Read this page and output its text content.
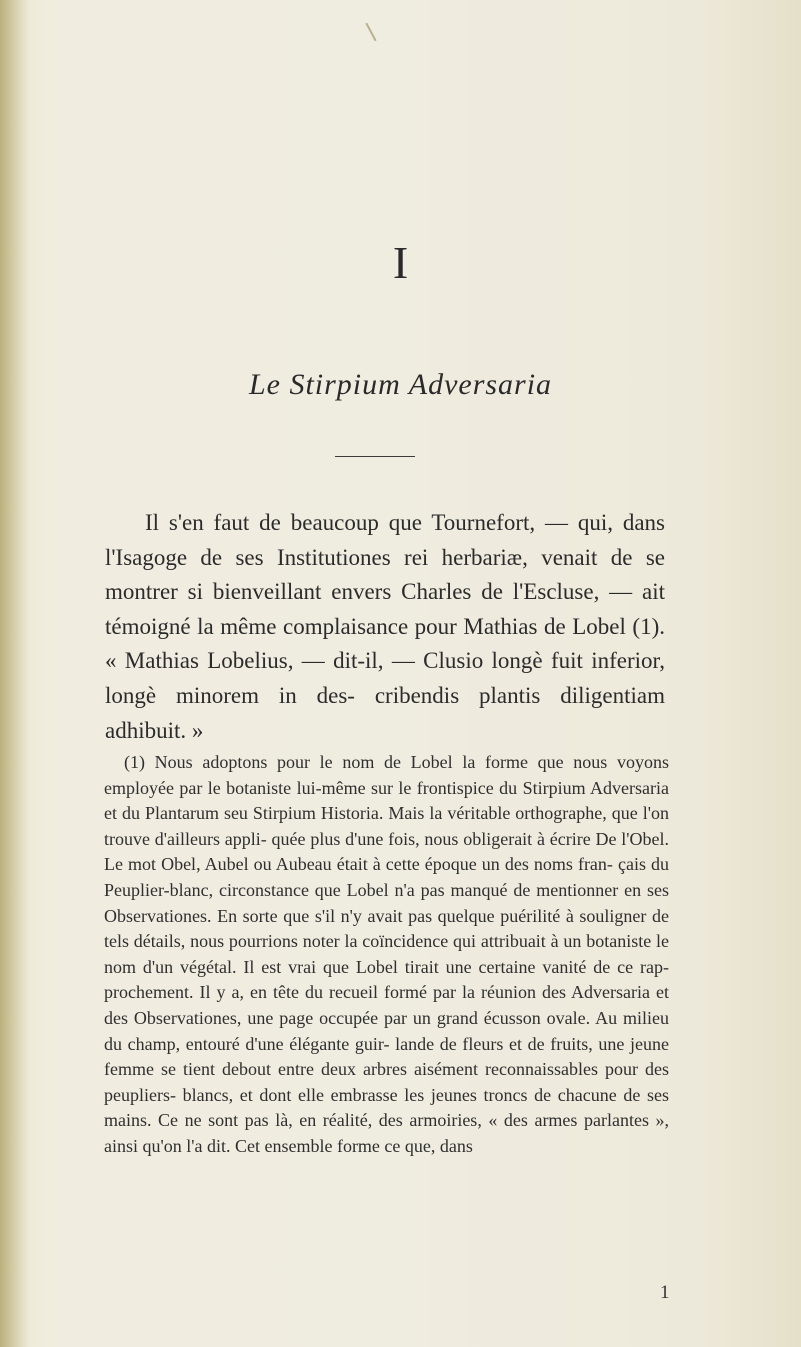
I
Le Stirpium Adversaria

Il s'en faut de beaucoup que Tournefort, — qui, dans l'Isagoge de ses Institutiones rei herbariæ, venait de se montrer si bienveillant envers Charles de l'Escluse, — ait témoigné la même complaisance pour Mathias de Lobel (1). « Mathias Lobelius, — dit-il, — Clusio longè fuit inferior, longè minorem in des- cribendis plantis diligentiam adhibuit. »

(1) Nous adoptons pour le nom de Lobel la forme que nous voyons employée par le botaniste lui-même sur le frontispice du Stirpium Adversaria et du Plantarum seu Stirpium Historia. Mais la véritable orthographe, que l'on trouve d'ailleurs appli- quée plus d'une fois, nous obligerait à écrire De l'Obel. Le mot Obel, Aubel ou Aubeau était à cette époque un des noms fran- çais du Peuplier-blanc, circonstance que Lobel n'a pas manqué de mentionner en ses Observationes. En sorte que s'il n'y avait pas quelque puérilité à souligner de tels détails, nous pourrions noter la coïncidence qui attribuait à un botaniste le nom d'un végétal. Il est vrai que Lobel tirait une certaine vanité de ce rap- prochement. Il y a, en tête du recueil formé par la réunion des Adversaria et des Observationes, une page occupée par un grand écusson ovale. Au milieu du champ, entouré d'une élégante guir- lande de fleurs et de fruits, une jeune femme se tient debout entre deux arbres aisément reconnaissables pour des peupliers- blancs, et dont elle embrasse les jeunes troncs de chacune de ses mains. Ce ne sont pas là, en réalité, des armoiries, « des armes parlantes », ainsi qu'on l'a dit. Cet ensemble forme ce que, dans

1
